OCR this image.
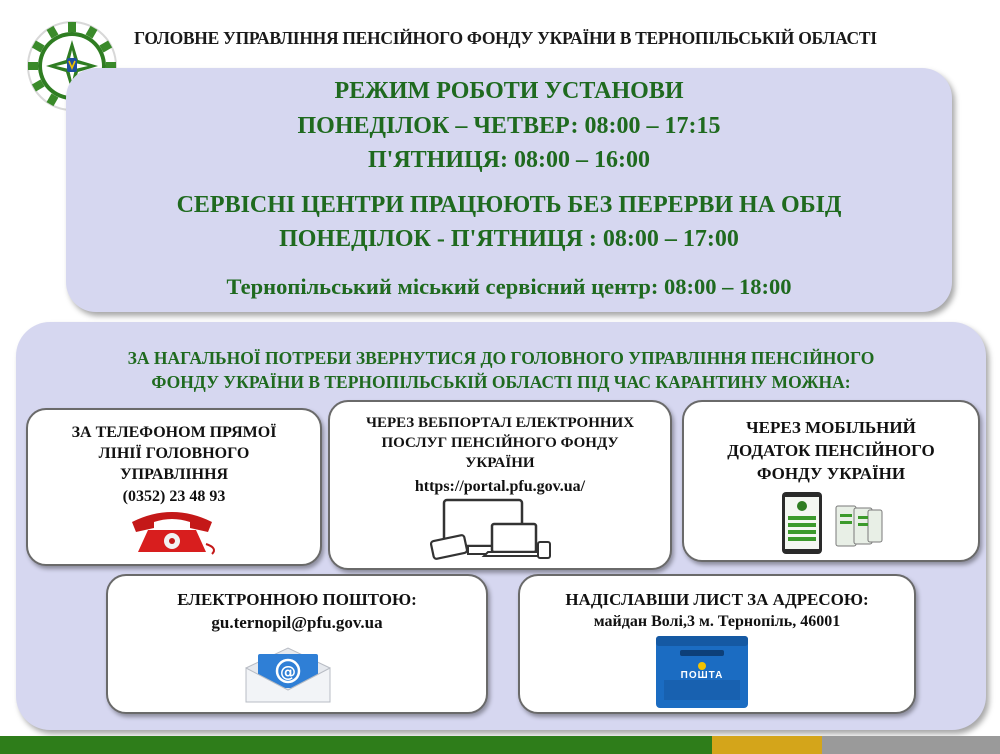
ГОЛОВНЕ УПРАВЛІННЯ ПЕНСІЙНОГО ФОНДУ УКРАЇНИ В ТЕРНОПІЛЬСЬКІЙ ОБЛАСТІ
РЕЖИМ РОБОТИ УСТАНОВИ
ПОНЕДІЛОК – ЧЕТВЕР: 08:00 – 17:15
П'ЯТНИЦЯ: 08:00 – 16:00
СЕРВІСНІ ЦЕНТРИ ПРАЦЮЮТЬ БЕЗ ПЕРЕРВИ НА ОБІД
ПОНЕДІЛОК - П'ЯТНИЦЯ : 08:00 – 17:00
Тернопільський міський сервісний центр: 08:00 – 18:00
ЗА НАГАЛЬНОЇ ПОТРЕБИ ЗВЕРНУТИСЯ ДО ГОЛОВНОГО УПРАВЛІННЯ ПЕНСІЙНОГО
ФОНДУ УКРАЇНИ В ТЕРНОПІЛЬСЬКІЙ ОБЛАСТІ ПІД ЧАС КАРАНТИНУ МОЖНА:
ЗА ТЕЛЕФОНОМ ПРЯМОЇ
ЛІНІЇ ГОЛОВНОГО
УПРАВЛІННЯ
(0352) 23 48 93
ЧЕРЕЗ ВЕБПОРТАЛ ЕЛЕКТРОННИХ
ПОСЛУГ ПЕНСІЙНОГО ФОНДУ
УКРАЇНИ
https://portal.pfu.gov.ua/
ЧЕРЕЗ МОБІЛЬНИЙ
ДОДАТОК ПЕНСІЙНОГО
ФОНДУ УКРАЇНИ
ЕЛЕКТРОННОЮ ПОШТОЮ:
gu.ternopil@pfu.gov.ua
@
НАДІСЛАВШИ ЛИСТ ЗА АДРЕСОЮ:
майдан Волі,3 м. Тернопіль, 46001
ПОШТА
